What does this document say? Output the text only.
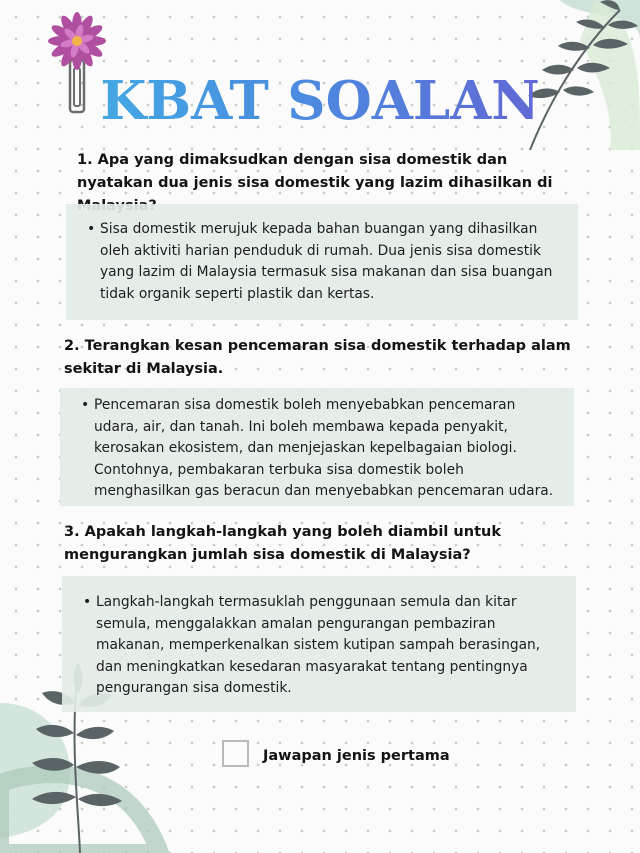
KBAT SOALAN

1. Apa yang dimaksudkan dengan sisa domestik dan nyatakan dua jenis sisa domestik yang lazim dihasilkan di

• Sisa domestik merujuk kepada bahan buangan yang dihasilkan oleh aktiviti harian penduduk di rumah. Dua jenis sisa domestik yang lazim di Malaysia termasuk sisa makanan dan sisa buangan tidak organik seperti plastik dan kertas.

2. Terangkan kesan pencemaran sisa domestik terhadap alam sekitar di Malaysia.

• Pencemaran sisa domestik boleh menyebabkan pencemaran udara, air, dan tanah. Ini boleh membawa kepada penyakit, kerosakan ekosistem, dan menjejaskan kepelbagaian biologi. Contohnya, pembakaran terbuka sisa domestik boleh menghasilkan gas beracun dan menyebabkan pencemaran udara.

3. Apakah langkah-langkah yang boleh diambil untuk mengurangkan jumlah sisa domestik di Malaysia?

• Langkah-langkah termasuklah penggunaan semula dan kitar semula, menggalakkan amalan pengurangan pembaziran makanan, memperkenalkan sistem kutipan sampah berasingan, dan meningkatkan kesedaran masyarakat tentang pentingnya pengurangan sisa domestik.
Jawapan jenis pertama
